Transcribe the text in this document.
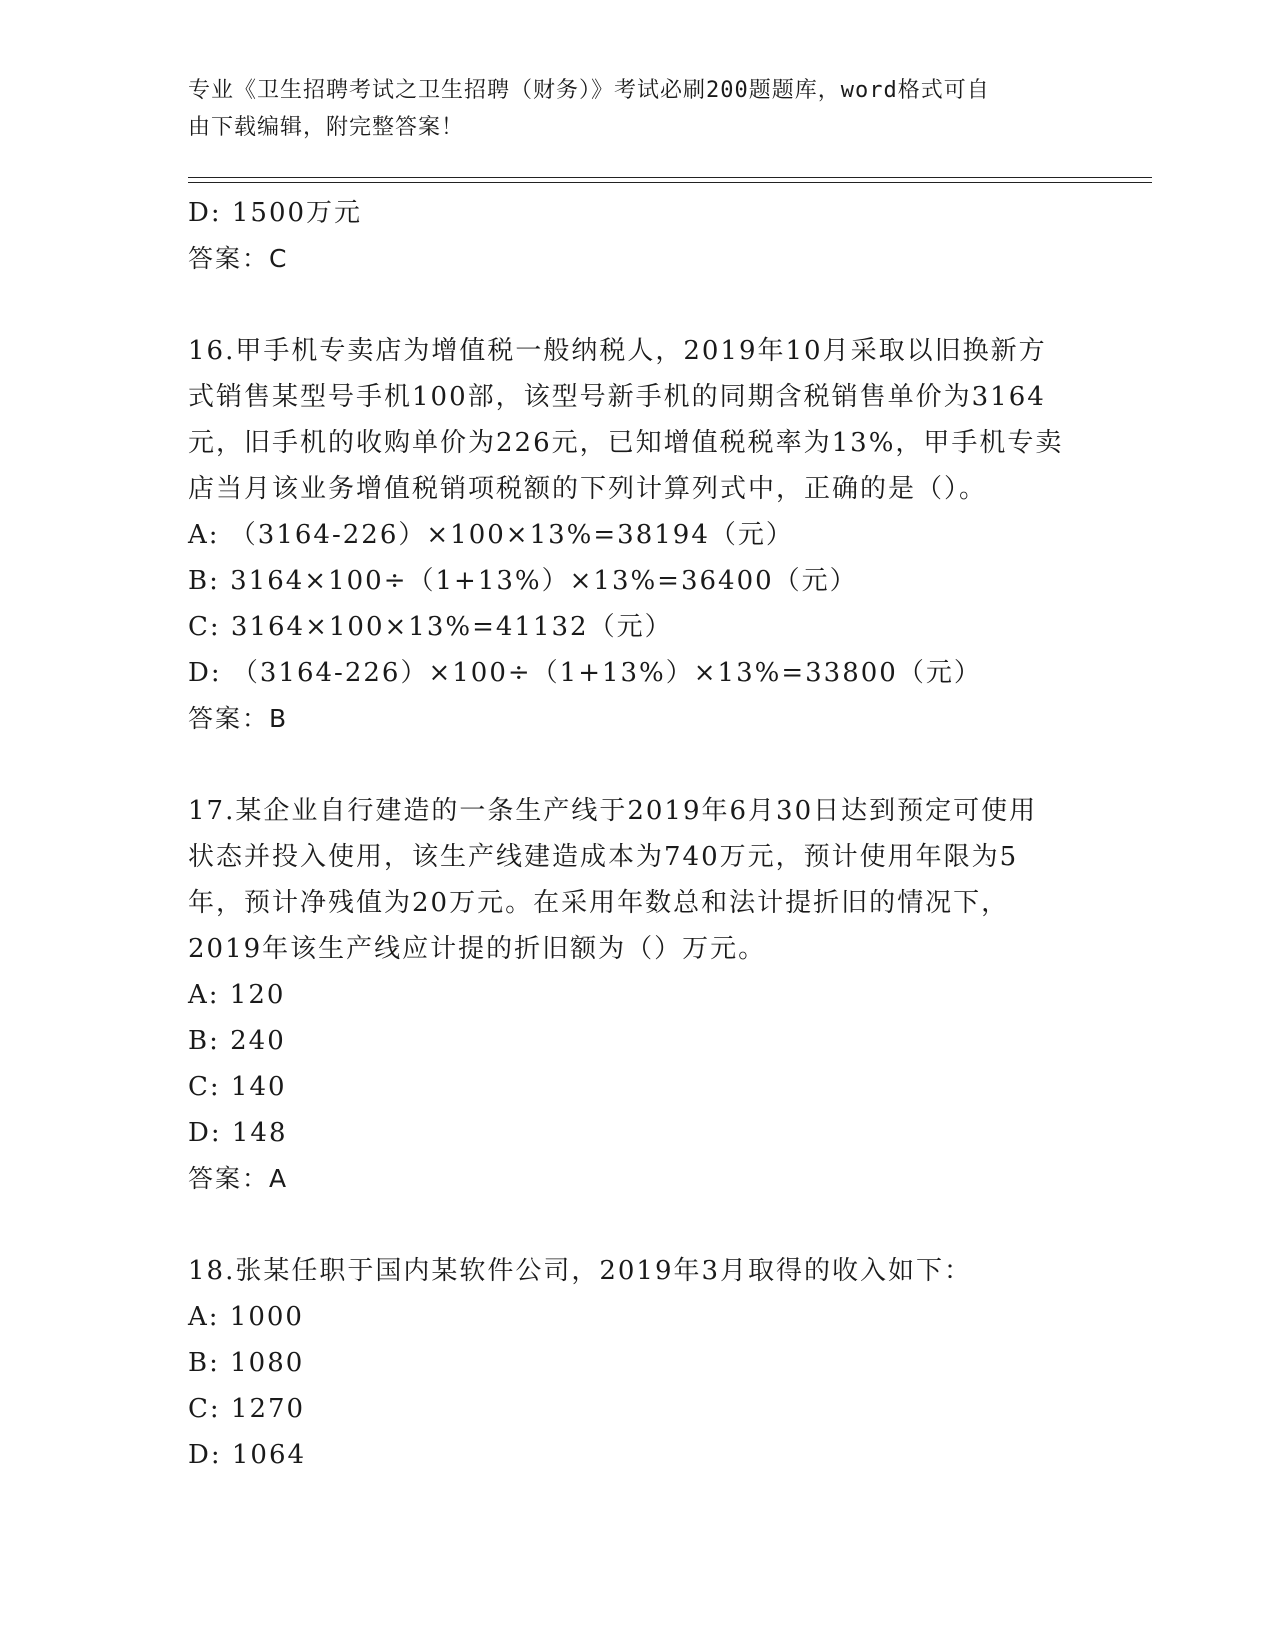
专业《卫生招聘考试之卫生招聘（财务）》考试必刷200题题库，word格式可自
由下载编辑，附完整答案！
D: 1500万元
答案：C
16.甲手机专卖店为增值税一般纳税人，2019年10月采取以旧换新方
式销售某型号手机100部，该型号新手机的同期含税销售单价为3164
元，旧手机的收购单价为226元，已知增值税税率为13%，甲手机专卖
店当月该业务增值税销项税额的下列计算列式中，正确的是（）。
A: （3164-226）×100×13%=38194（元）
B: 3164×100÷（1+13%）×13%=36400（元）
C: 3164×100×13%=41132（元）
D: （3164-226）×100÷（1+13%）×13%=33800（元）
答案：B
17.某企业自行建造的一条生产线于2019年6月30日达到预定可使用
状态并投入使用，该生产线建造成本为740万元，预计使用年限为5
年，预计净残值为20万元。在采用年数总和法计提折旧的情况下，
2019年该生产线应计提的折旧额为（）万元。
A: 120
B: 240
C: 140
D: 148
答案：A
18.张某任职于国内某软件公司，2019年3月取得的收入如下：
A: 1000
B: 1080
C: 1270
D: 1064
